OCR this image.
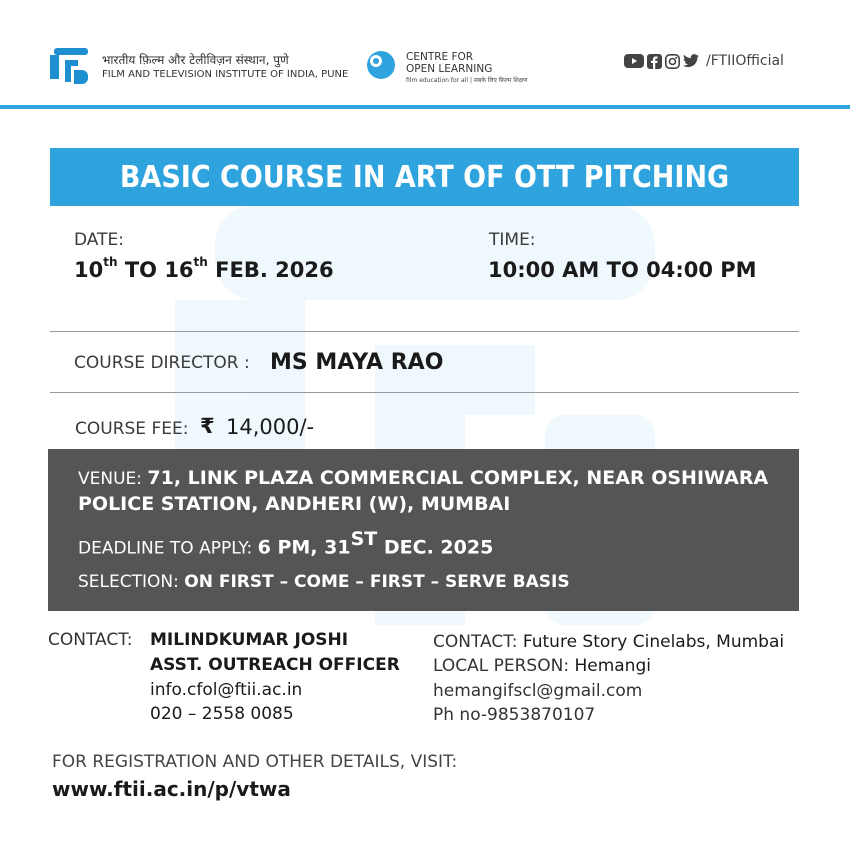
भारतीय फ़िल्म और टेलीविज़न संस्थान, पुणे
FILM AND TELEVISION INSTITUTE OF INDIA, PUNE
CENTRE FOR
OPEN LEARNING
film education for all | सबके लिए फ़िल्म शिक्षण
/FTIIOfficial
BASIC COURSE IN ART OF OTT PITCHING
DATE:
10th TO 16th FEB. 2026
TIME:
10:00 AM TO 04:00 PM
COURSE DIRECTOR : MS MAYA RAO
COURSE FEE: ₹ 14,000/-
VENUE: 71, LINK PLAZA COMMERCIAL COMPLEX, NEAR OSHIWARA
POLICE STATION, ANDHERI (W), MUMBAI
DEADLINE TO APPLY: 6 PM, 31ST DEC. 2025
SELECTION: ON FIRST – COME – FIRST – SERVE BASIS
CONTACT: MILINDKUMAR JOSHI
ASST. OUTREACH OFFICER
info.cfol@ftii.ac.in
020 – 2558 0085
CONTACT: Future Story Cinelabs, Mumbai
LOCAL PERSON: Hemangi
hemangifscl@gmail.com
Ph no-9853870107
FOR REGISTRATION AND OTHER DETAILS, VISIT:
www.ftii.ac.in/p/vtwa
